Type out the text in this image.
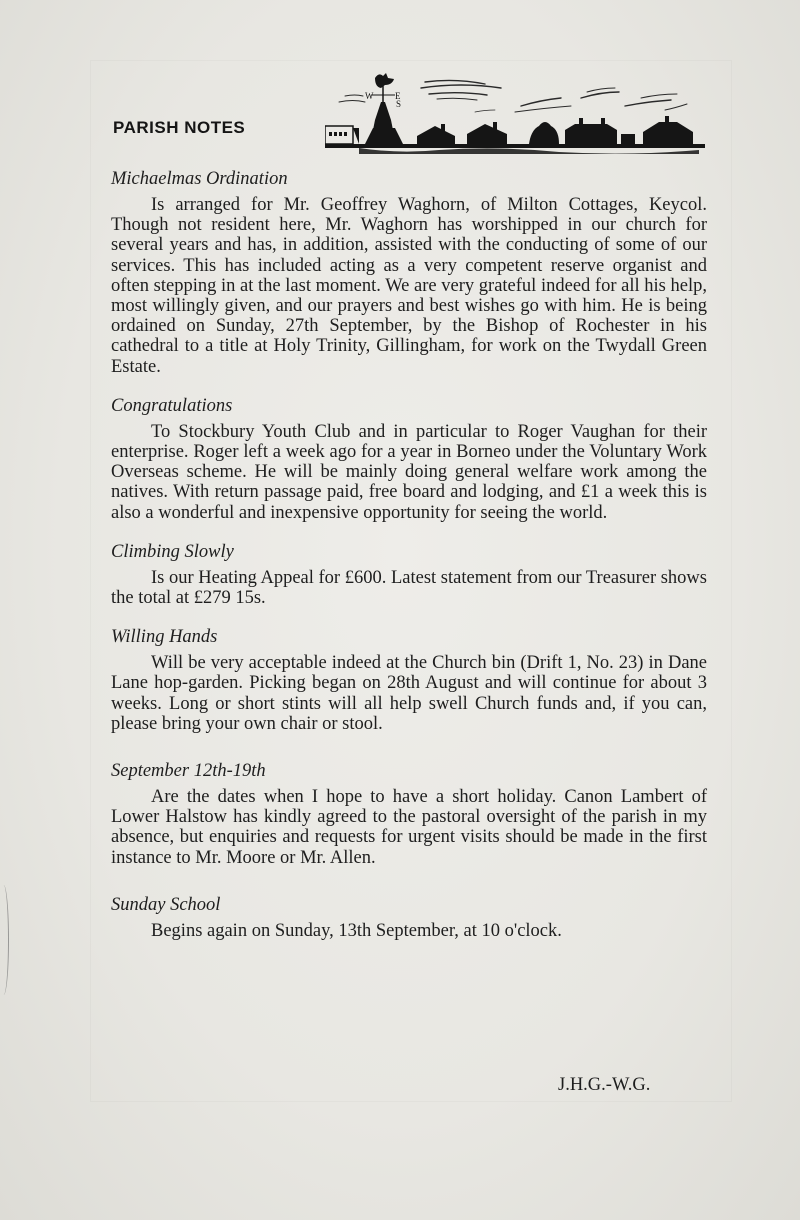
PARISH NOTES
W E
S
Michaelmas Ordination

Is arranged for Mr. Geoffrey Waghorn, of Milton Cottages, Keycol. Though not resident here, Mr. Waghorn has worshipped in our church for several years and has, in addition, assisted with the conducting of some of our services. This has included acting as a very competent reserve organist and often stepping in at the last moment. We are very grateful indeed for all his help, most willingly given, and our prayers and best wishes go with him. He is being ordained on Sunday, 27th September, by the Bishop of Rochester in his cathedral to a title at Holy Trinity, Gillingham, for work on the Twydall Green Estate.

Congratulations

To Stockbury Youth Club and in particular to Roger Vaughan for their enterprise. Roger left a week ago for a year in Borneo under the Voluntary Work Overseas scheme. He will be mainly doing general welfare work among the natives. With return passage paid, free board and lodging, and £1 a week this is also a wonderful and inexpensive opportunity for seeing the world.

Climbing Slowly

Is our Heating Appeal for £600. Latest statement from our Treasurer shows the total at £279 15s.

Willing Hands

Will be very acceptable indeed at the Church bin (Drift 1, No. 23) in Dane Lane hop-garden. Picking began on 28th August and will continue for about 3 weeks. Long or short stints will all help swell Church funds and, if you can, please bring your own chair or stool.

September 12th-19th

Are the dates when I hope to have a short holiday. Canon Lambert of Lower Halstow has kindly agreed to the pastoral oversight of the parish in my absence, but enquiries and requests for urgent visits should be made in the first instance to Mr. Moore or Mr. Allen.

Sunday School

Begins again on Sunday, 13th September, at 10 o'clock.

J.H.G.-W.G.
